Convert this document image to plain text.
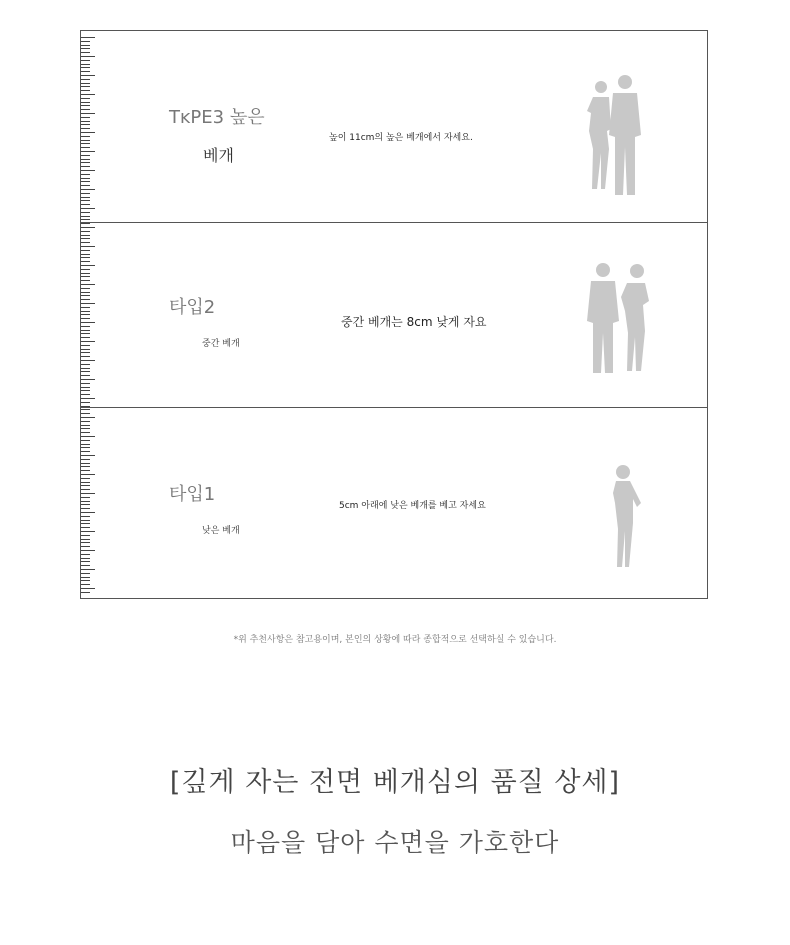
TĸPE3 높은
베개
높이 11cm의 높은 베개에서 자세요.
타입2
중간 베개
중간 베개는 8cm 낮게 자요
타입1
낮은 베개
5cm 아래에 낮은 베개를 베고 자세요
*위 추천사항은 참고용이며, 본인의 상황에 따라 종합적으로 선택하실 수 있습니다.
[깊게 자는 전면 베개심의 품질 상세]
마음을 담아 수면을 가호한다
